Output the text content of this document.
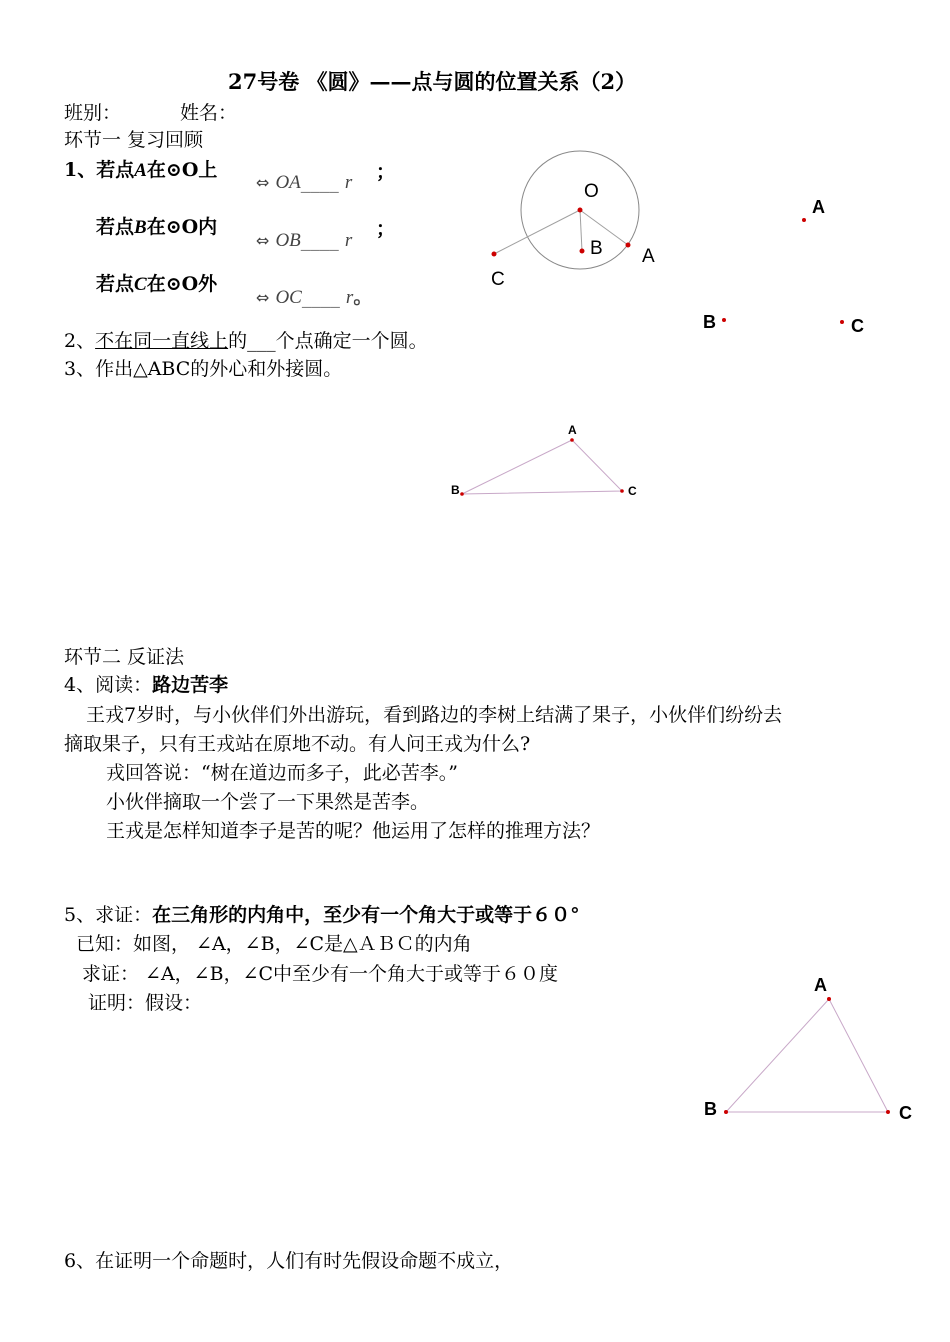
27号卷 《圆》——点与圆的位置关系（2）
班别：	姓名：
环节一 复习回顾
1、若点A在⊙O上
⇔ OA____ r ；
若点B在⊙O内
⇔ OB____ r
；
若点C在⊙O外
⇔ OC____ r。
2、不在同一直线上的___个点确定一个圆。
3、作出△ABC的外心和外接圆。
环节二 反证法
4、阅读：路边苦李
王戎7岁时，与小伙伴们外出游玩，看到路边的李树上结满了果子，小伙伴们纷纷去
摘取果子，只有王戎站在原地不动。有人问王戎为什么?
戎回答说：“树在道边而多子，此必苦李。”
小伙伴摘取一个尝了一下果然是苦李。
王戎是怎样知道李子是苦的呢？他运用了怎样的推理方法？
5、求证：在三角形的内角中，至少有一个角大于或等于６０°
已知：如图， ∠A，∠B，∠C是△ＡＢＣ的内角
求证： ∠A，∠B，∠C中至少有一个角大于或等于６０度
证明：假设：
6、在证明一个命题时，人们有时先假设命题不成立，
O
B A
C
A
B	C
A
B	C
A
B	C
